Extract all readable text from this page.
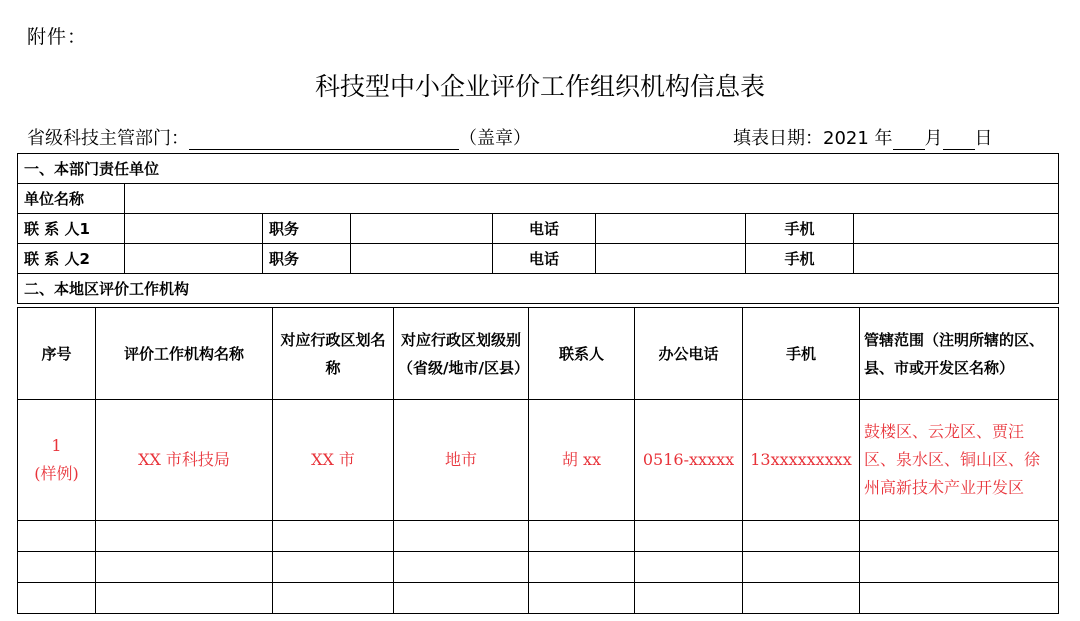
附件：
科技型中小企业评价工作组织机构信息表
省级科技主管部门：	（盖章）	填表日期：2021 年 月 日
一、本部门责任单位							
单位名称							
联 系 人1		职务		电话		手机	
联 系 人2		职务		电话		手机	
二、本地区评价工作机构							
序号	评价工作机构名称	对应行政区划名称	对应行政区划级别（省级/地市/区县）	联系人	办公电话	手机	管辖范围（注明所辖的区、县、市或开发区名称）

1
(样例)	XX 市科技局	XX 市	地市	胡 xx	0516-xxxxx	13xxxxxxxxx	鼓楼区、云龙区、贾汪区、泉水区、铜山区、徐州高新技术产业开发区
